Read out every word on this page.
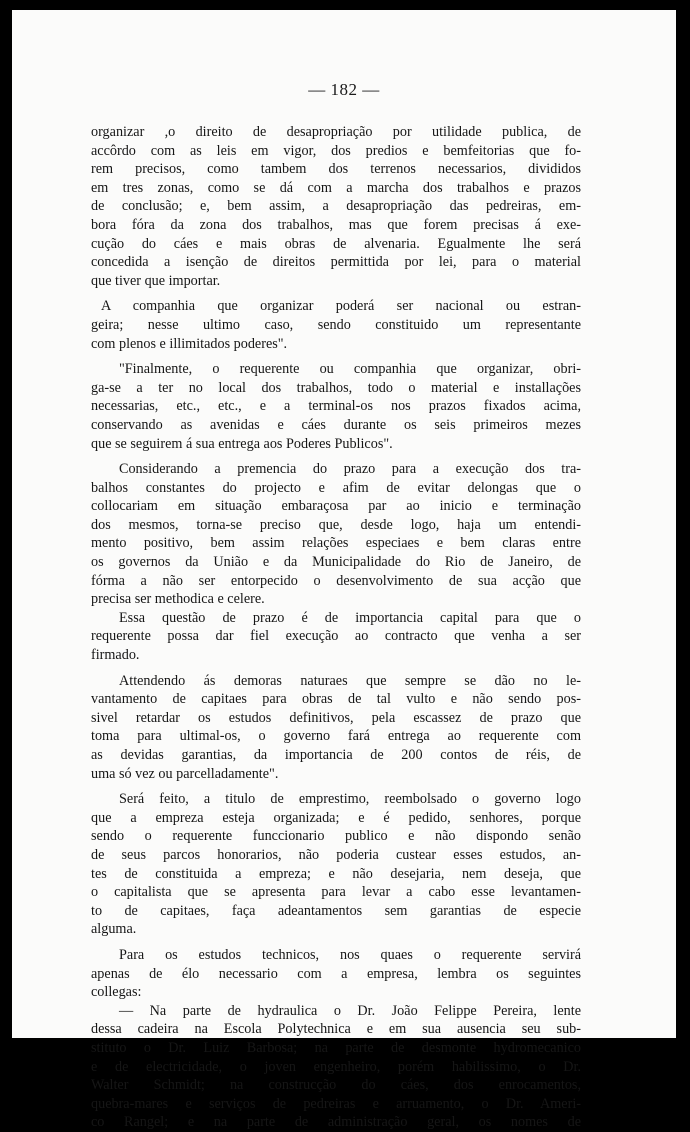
— 182 —
organizar ,o direito de desapropriação por utilidade publica, de
accôrdo com as leis em vigor, dos predios e bemfeitorias que fo-
rem precisos, como tambem dos terrenos necessarios, divididos
em tres zonas, como se dá com a marcha dos trabalhos e prazos
de conclusão; e, bem assim, a desapropriação das pedreiras, em-
bora fóra da zona dos trabalhos, mas que forem precisas á exe-
cução do cáes e mais obras de alvenaria. Egualmente lhe será
concedida a isenção de direitos permittida por lei, para o material
que tiver que importar.
A companhia que organizar poderá ser nacional ou estran-
geira; nesse ultimo caso, sendo constituido um representante
com plenos e illimitados poderes".
"Finalmente, o requerente ou companhia que organizar, obri-
ga-se a ter no local dos trabalhos, todo o material e installações
necessarias, etc., etc., e a terminal-os nos prazos fixados acima,
conservando as avenidas e cáes durante os seis primeiros mezes
que se seguirem á sua entrega aos Poderes Publicos".
Considerando a premencia do prazo para a execução dos tra-
balhos constantes do projecto e afim de evitar delongas que o
collocariam em situação embaraçosa par ao inicio e terminação
dos mesmos, torna-se preciso que, desde logo, haja um entendi-
mento positivo, bem assim relações especiaes e bem claras entre
os governos da União e da Municipalidade do Rio de Janeiro, de
fórma a não ser entorpecido o desenvolvimento de sua acção que
precisa ser methodica e celere.
Essa questão de prazo é de importancia capital para que o
requerente possa dar fiel execução ao contracto que venha a ser
firmado.
Attendendo ás demoras naturaes que sempre se dão no le-
vantamento de capitaes para obras de tal vulto e não sendo pos-
sivel retardar os estudos definitivos, pela escassez de prazo que
toma para ultimal-os, o governo fará entrega ao requerente com
as devidas garantias, da importancia de 200 contos de réis, de
uma só vez ou parcelladamente".
Será feito, a titulo de emprestimo, reembolsado o governo logo
que a empreza esteja organizada; e é pedido, senhores, porque
sendo o requerente funccionario publico e não dispondo senão
de seus parcos honorarios, não poderia custear esses estudos, an-
tes de constituida a empreza; e não desejaria, nem deseja, que
o capitalista que se apresenta para levar a cabo esse levantamen-
to de capitaes, faça adeantamentos sem garantias de especie
alguma.
Para os estudos technicos, nos quaes o requerente servirá
apenas de élo necessario com a empresa, lembra os seguintes
collegas:
— Na parte de hydraulica o Dr. João Felippe Pereira, lente
dessa cadeira na Escola Polytechnica e em sua ausencia seu sub-
stituto o Dr. Luiz Barbosa; na parte de desmonte hydromecanico
e de electricidade, o joven engenheiro, porém habilissimo, o Dr.
Walter Schmidt; na construcção do cáes, dos enrocamentos,
quebra-mares e serviços de pedreiras e arruamento, o Dr. Ameri-
co Rangel; e na parte de administração geral, os nomes de
